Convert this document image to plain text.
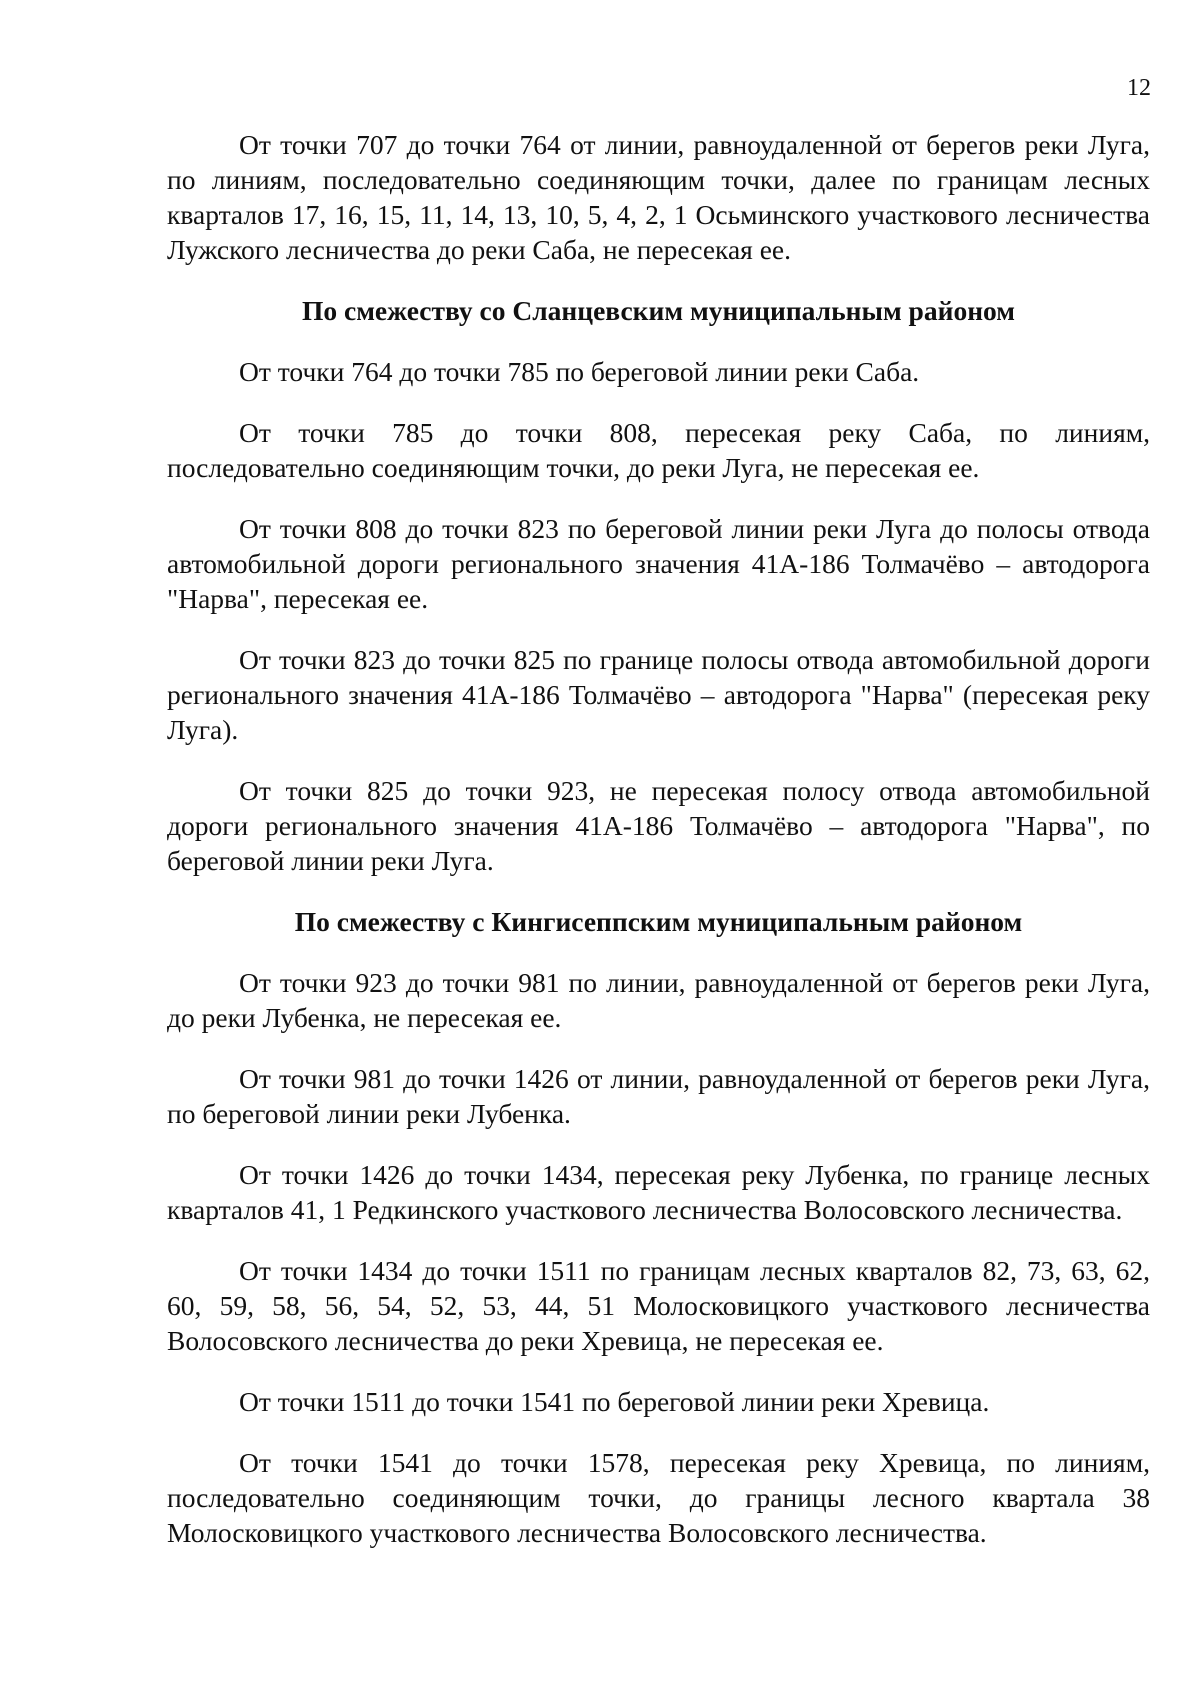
12

От точки 707 до точки 764 от линии, равноудаленной от берегов реки Луга, по линиям, последовательно соединяющим точки, далее по границам лесных кварталов 17, 16, 15, 11, 14, 13, 10, 5, 4, 2, 1 Осьминского участкового лесничества Лужского лесничества до реки Саба, не пересекая ее.

По смежеству со Сланцевским муниципальным районом

От точки 764 до точки 785 по береговой линии реки Саба.

От точки 785 до точки 808, пересекая реку Саба, по линиям, последовательно соединяющим точки, до реки Луга, не пересекая ее.

От точки 808 до точки 823 по береговой линии реки Луга до полосы отвода автомобильной дороги регионального значения 41А-186 Толмачёво – автодорога "Нарва", пересекая ее.

От точки 823 до точки 825 по границе полосы отвода автомобильной дороги регионального значения 41А-186 Толмачёво – автодорога "Нарва" (пересекая реку Луга).

От точки 825 до точки 923, не пересекая полосу отвода автомобильной дороги регионального значения 41А-186 Толмачёво – автодорога "Нарва", по береговой линии реки Луга.

По смежеству с Кингисеппским муниципальным районом

От точки 923 до точки 981 по линии, равноудаленной от берегов реки Луга, до реки Лубенка, не пересекая ее.

От точки 981 до точки 1426 от линии, равноудаленной от берегов реки Луга, по береговой линии реки Лубенка.

От точки 1426 до точки 1434, пересекая реку Лубенка, по границе лесных кварталов 41, 1 Редкинского участкового лесничества Волосовского лесничества.

От точки 1434 до точки 1511 по границам лесных кварталов 82, 73, 63, 62, 60, 59, 58, 56, 54, 52, 53, 44, 51 Молосковицкого участкового лесничества Волосовского лесничества до реки Хревица, не пересекая ее.

От точки 1511 до точки 1541 по береговой линии реки Хревица.

От точки 1541 до точки 1578, пересекая реку Хревица, по линиям, последовательно соединяющим точки, до границы лесного квартала 38 Молосковицкого участкового лесничества Волосовского лесничества.
